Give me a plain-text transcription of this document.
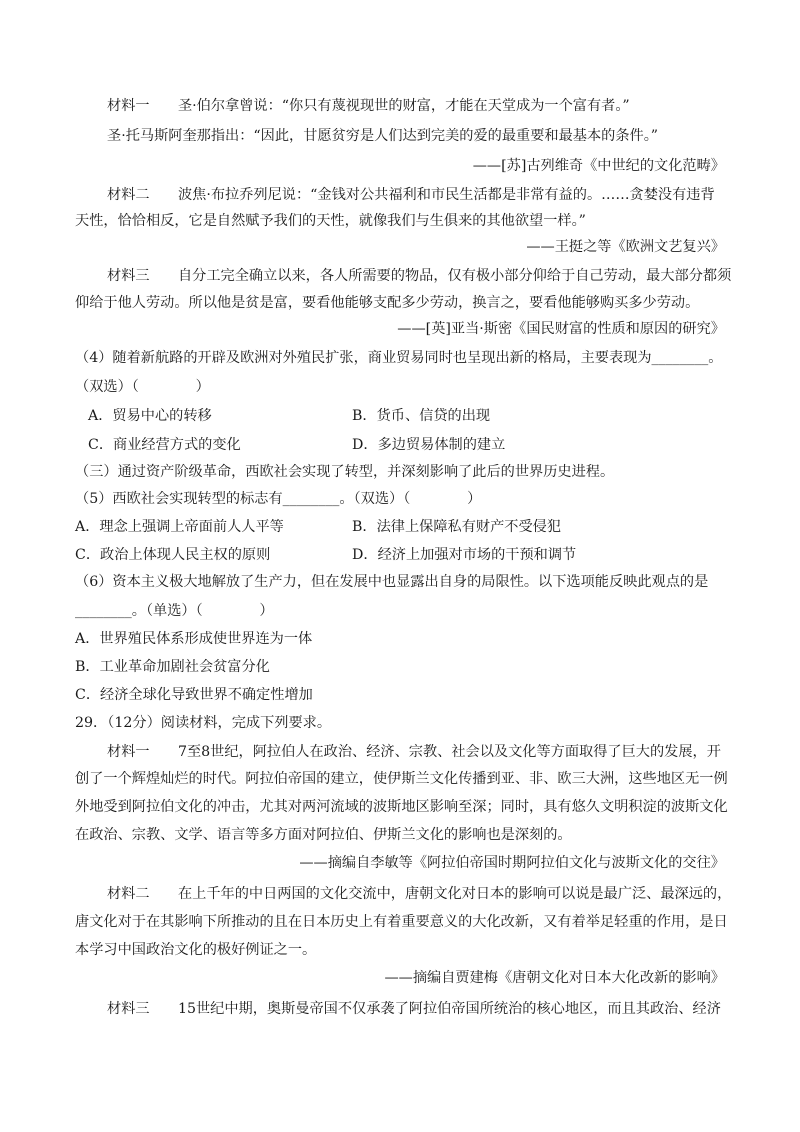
材料一　　圣·伯尔拿曾说：“你只有蔑视现世的财富，才能在天堂成为一个富有者。”
圣·托马斯阿奎那指出：“因此，甘愿贫穷是人们达到完美的爱的最重要和最基本的条件。”
——[苏]古列维奇《中世纪的文化范畴》
材料二　　波焦·布拉乔列尼说：“金钱对公共福利和市民生活都是非常有益的。……贪婪没有违背
天性，恰恰相反，它是自然赋予我们的天性，就像我们与生俱来的其他欲望一样。”
——王挺之等《欧洲文艺复兴》
材料三　　自分工完全确立以来，各人所需要的物品，仅有极小部分仰给于自己劳动，最大部分都须
仰给于他人劳动。所以他是贫是富，要看他能够支配多少劳动，换言之，要看他能够购买多少劳动。
——[英]亚当·斯密《国民财富的性质和原因的研究》
（4）随着新航路的开辟及欧洲对外殖民扩张，商业贸易同时也呈现出新的格局，主要表现为________。
（双选）（　　　　）
A．贸易中心的转移	B．货币、信贷的出现
C．商业经营方式的变化	D．多边贸易体制的建立
（三）通过资产阶级革命，西欧社会实现了转型，并深刻影响了此后的世界历史进程。
（5）西欧社会实现转型的标志有________。（双选）（　　　　）
A．理念上强调上帝面前人人平等	B．法律上保障私有财产不受侵犯
C．政治上体现人民主权的原则	D．经济上加强对市场的干预和调节
（6）资本主义极大地解放了生产力，但在发展中也显露出自身的局限性。以下选项能反映此观点的是
________。（单选）（　　　　）
A．世界殖民体系形成使世界连为一体
B．工业革命加剧社会贫富分化
C．经济全球化导致世界不确定性增加
29．（12分）阅读材料，完成下列要求。
材料一　　7至8世纪，阿拉伯人在政治、经济、宗教、社会以及文化等方面取得了巨大的发展，开
创了一个辉煌灿烂的时代。阿拉伯帝国的建立，使伊斯兰文化传播到亚、非、欧三大洲，这些地区无一例
外地受到阿拉伯文化的冲击，尤其对两河流域的波斯地区影响至深；同时，具有悠久文明积淀的波斯文化
在政治、宗教、文学、语言等多方面对阿拉伯、伊斯兰文化的影响也是深刻的。
——摘编自李敏等《阿拉伯帝国时期阿拉伯文化与波斯文化的交往》
材料二　　在上千年的中日两国的文化交流中，唐朝文化对日本的影响可以说是最广泛、最深远的，
唐文化对于在其影响下所推动的且在日本历史上有着重要意义的大化改新，又有着举足轻重的作用，是日
本学习中国政治文化的极好例证之一。
——摘编自贾建梅《唐朝文化对日本大化改新的影响》
材料三　　15世纪中期，奥斯曼帝国不仅承袭了阿拉伯帝国所统治的核心地区，而且其政治、经济
